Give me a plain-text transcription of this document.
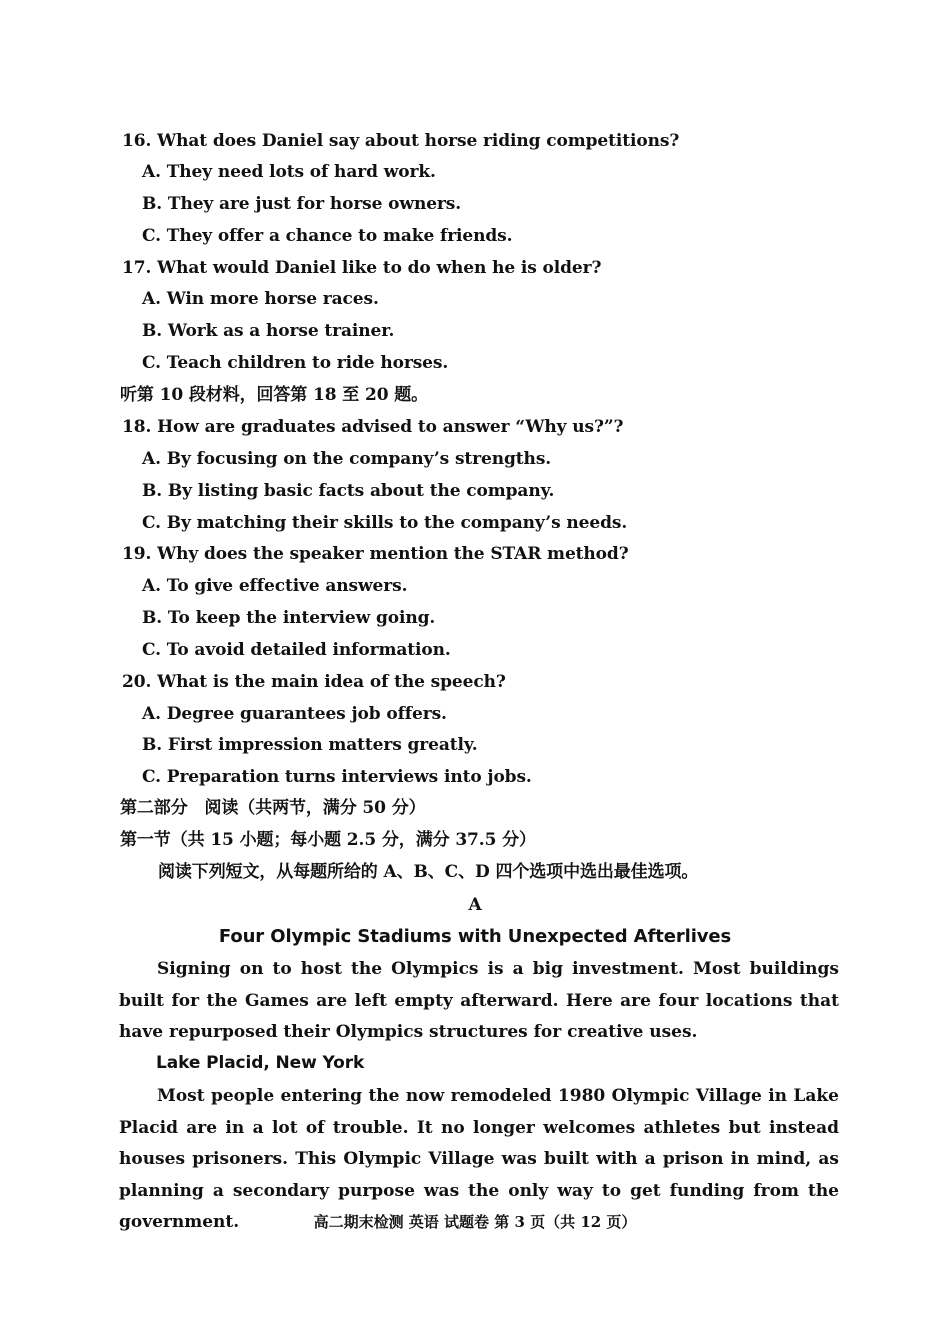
16. What does Daniel say about horse riding competitions?
A. They need lots of hard work.
B. They are just for horse owners.
C. They offer a chance to make friends.
17. What would Daniel like to do when he is older?
A. Win more horse races.
B. Work as a horse trainer.
C. Teach children to ride horses.
听第 10 段材料，回答第 18 至 20 题。
18. How are graduates advised to answer “Why us?”?
A. By focusing on the company’s strengths.
B. By listing basic facts about the company.
C. By matching their skills to the company’s needs.
19. Why does the speaker mention the STAR method?
A. To give effective answers.
B. To keep the interview going.
C. To avoid detailed information.
20. What is the main idea of the speech?
A. Degree guarantees job offers.
B. First impression matters greatly.
C. Preparation turns interviews into jobs.
第二部分　阅读（共两节，满分 50 分）
第一节（共 15 小题；每小题 2.5 分，满分 37.5 分）
阅读下列短文，从每题所给的 A、B、C、D 四个选项中选出最佳选项。
A
Four Olympic Stadiums with Unexpected Afterlives
Signing on to host the Olympics is a big investment. Most buildings built for the Games are left empty afterward. Here are four locations that have repurposed their Olympics structures for creative uses.
Lake Placid, New York
Most people entering the now remodeled 1980 Olympic Village in Lake Placid are in a lot of trouble. It no longer welcomes athletes but instead houses prisoners. This Olympic Village was built with a prison in mind, as planning a secondary purpose was the only way to get funding from the government.	高二期末检测 英语 试题卷 第 3 页（共 12 页）
